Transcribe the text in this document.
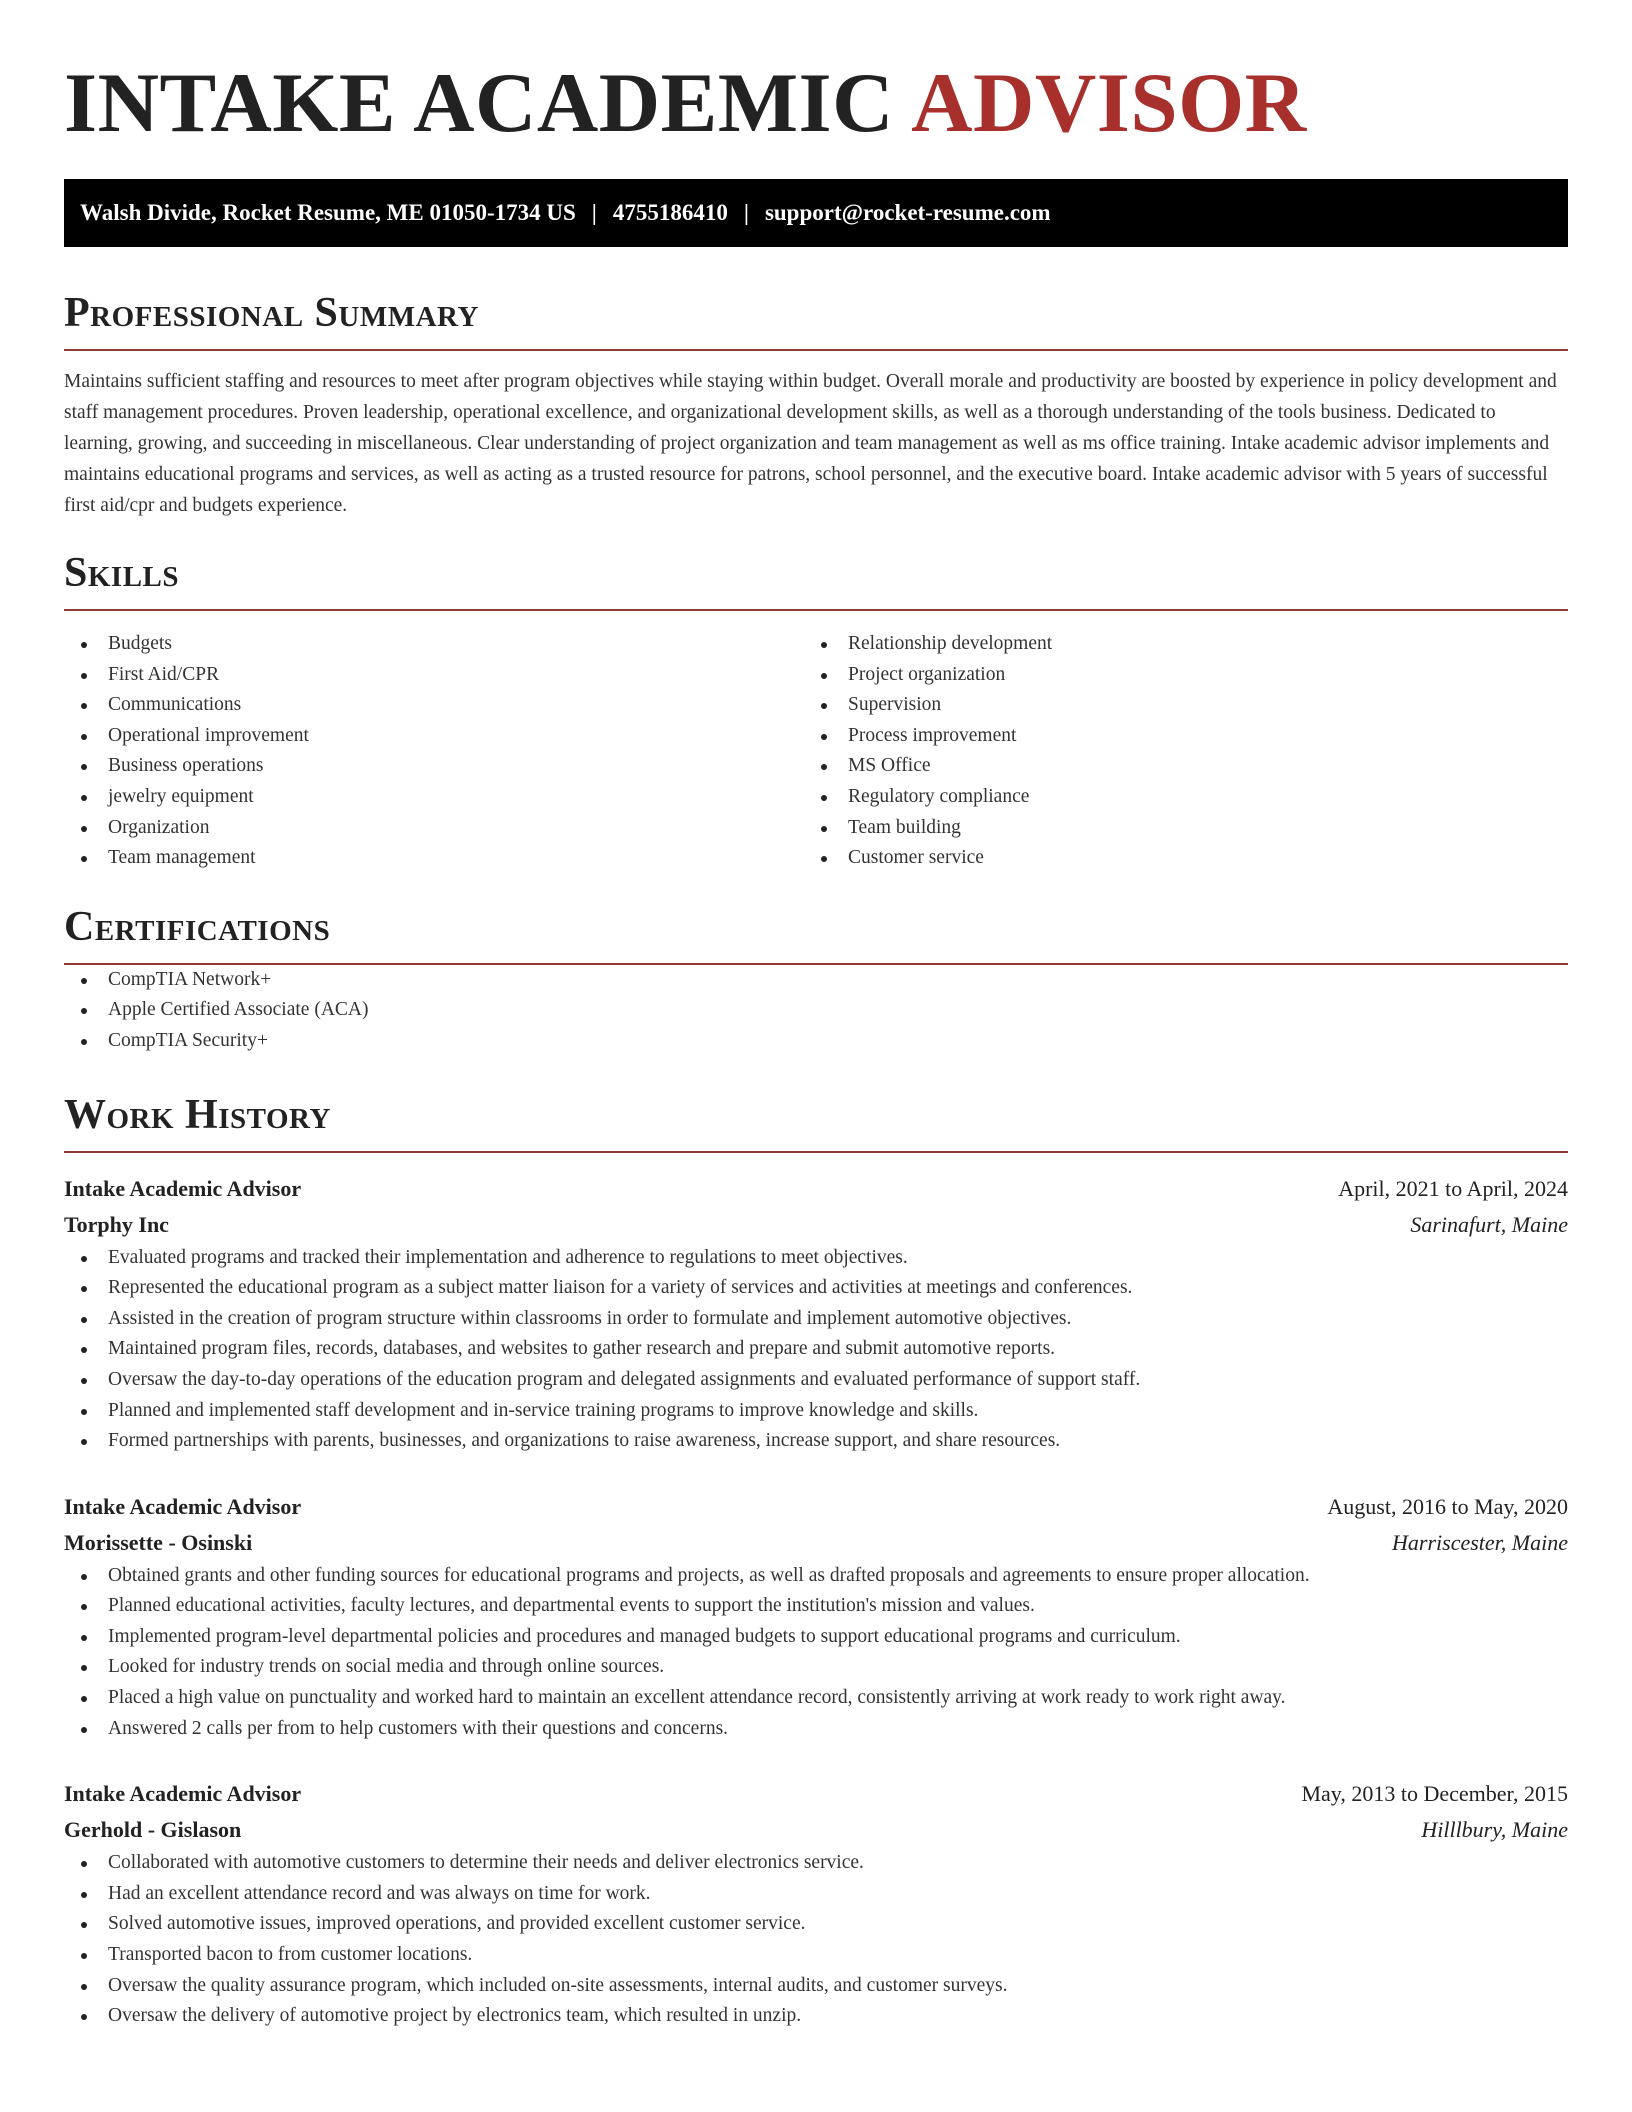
INTAKE ACADEMIC ADVISOR
Walsh Divide, Rocket Resume, ME 01050-1734 US | 4755186410 | support@rocket-resume.com
Professional Summary

Maintains sufficient staffing and resources to meet after program objectives while staying within budget. Overall morale and productivity are boosted by experience in policy development and staff management procedures. Proven leadership, operational excellence, and organizational development skills, as well as a thorough understanding of the tools business. Dedicated to learning, growing, and succeeding in miscellaneous. Clear understanding of project organization and team management as well as ms office training. Intake academic advisor implements and maintains educational programs and services, as well as acting as a trusted resource for patrons, school personnel, and the executive board. Intake academic advisor with 5 years of successful first aid/cpr and budgets experience.

Skills
Budgets
First Aid/CPR
Communications
Operational improvement
Business operations
jewelry equipment
Organization
Team management
Relationship development
Project organization
Supervision
Process improvement
MS Office
Regulatory compliance
Team building
Customer service
Certifications
CompTIA Network+
Apple Certified Associate (ACA)
CompTIA Security+
Work History
Intake Academic Advisor	April, 2021 to April, 2024
Torphy Inc	Sarinafurt, Maine
Evaluated programs and tracked their implementation and adherence to regulations to meet objectives.
Represented the educational program as a subject matter liaison for a variety of services and activities at meetings and conferences.
Assisted in the creation of program structure within classrooms in order to formulate and implement automotive objectives.
Maintained program files, records, databases, and websites to gather research and prepare and submit automotive reports.
Oversaw the day-to-day operations of the education program and delegated assignments and evaluated performance of support staff.
Planned and implemented staff development and in-service training programs to improve knowledge and skills.
Formed partnerships with parents, businesses, and organizations to raise awareness, increase support, and share resources.
Intake Academic Advisor	August, 2016 to May, 2020
Morissette - Osinski	Harriscester, Maine
Obtained grants and other funding sources for educational programs and projects, as well as drafted proposals and agreements to ensure proper allocation.
Planned educational activities, faculty lectures, and departmental events to support the institution's mission and values.
Implemented program-level departmental policies and procedures and managed budgets to support educational programs and curriculum.
Looked for industry trends on social media and through online sources.
Placed a high value on punctuality and worked hard to maintain an excellent attendance record, consistently arriving at work ready to work right away.
Answered 2 calls per from to help customers with their questions and concerns.
Intake Academic Advisor	May, 2013 to December, 2015
Gerhold - Gislason	Hilllbury, Maine
Collaborated with automotive customers to determine their needs and deliver electronics service.
Had an excellent attendance record and was always on time for work.
Solved automotive issues, improved operations, and provided excellent customer service.
Transported bacon to from customer locations.
Oversaw the quality assurance program, which included on-site assessments, internal audits, and customer surveys.
Oversaw the delivery of automotive project by electronics team, which resulted in unzip.
